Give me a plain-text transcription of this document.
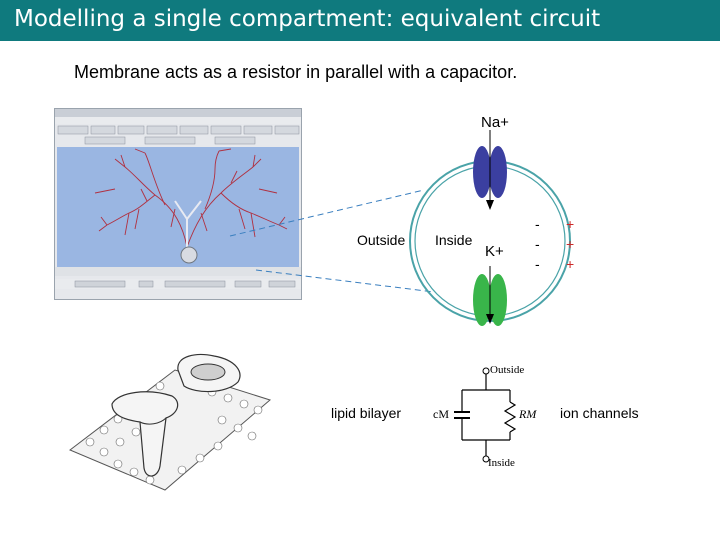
Modelling a single compartment: equivalent circuit
Membrane acts as a resistor in parallel with a capacitor.
Na+
K+
Outside Inside
-
-
-
+
+
+
lipid bilayer	ion channels
Outside
Inside
cM	RM
